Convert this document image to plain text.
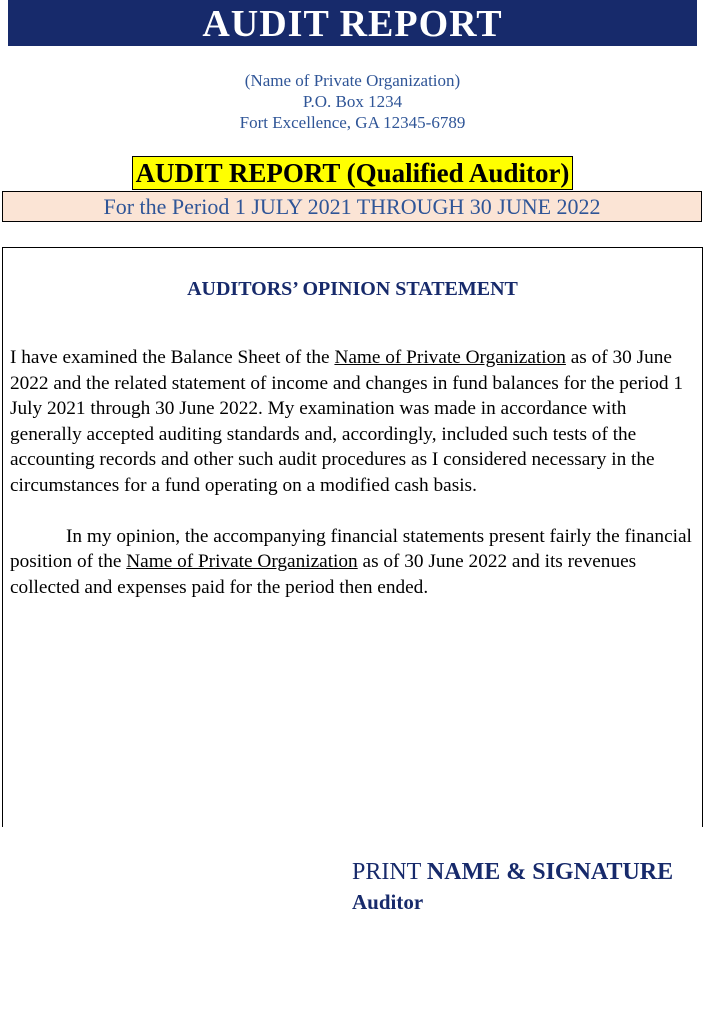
AUDIT REPORT
(Name of Private Organization)
P.O. Box 1234
Fort Excellence, GA 12345-6789
AUDIT REPORT (Qualified Auditor)
For the Period 1 JULY 2021 THROUGH 30 JUNE 2022
AUDITORS’ OPINION STATEMENT

I have examined the Balance Sheet of the Name of Private Organization as of 30 June 2022 and the related statement of income and changes in fund balances for the period 1 July 2021 through 30 June 2022. My examination was made in accordance with generally accepted auditing standards and, accordingly, included such tests of the accounting records and other such audit procedures as I considered necessary in the circumstances for a fund operating on a modified cash basis.

In my opinion, the accompanying financial statements present fairly the financial position of the Name of Private Organization as of 30 June 2022 and its revenues collected and expenses paid for the period then ended.

PRINT NAME & SIGNATURE
Auditor
